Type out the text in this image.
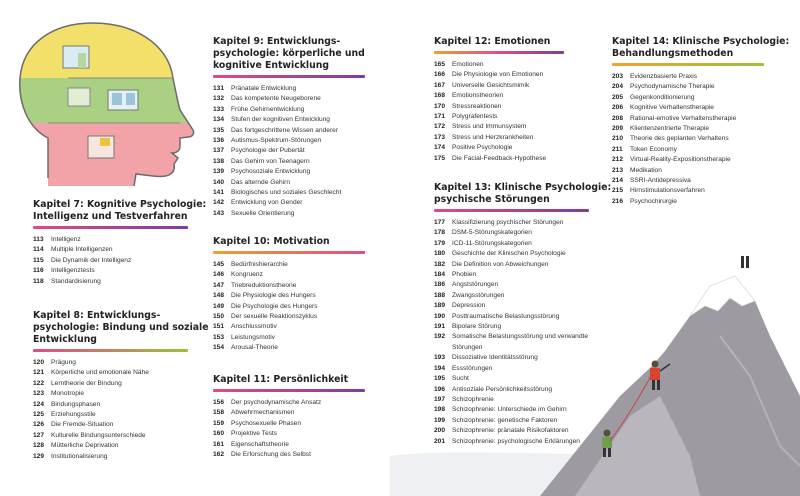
Kapitel 7: Kognitive Psychologie:
Intelligenz und Testverfahren
113	Intelligenz
114	Multiple Intelligenzen
115	Die Dynamik der Intelligenz
116	Intelligenztests
118	Standardisierung
Kapitel 8: Entwicklungs-
psychologie: Bindung und soziale
Entwicklung
120	Prägung
121	Körperliche und emotionale Nähe
122	Lerntheorie der Bindung
123	Monotropie
124	Bindungsphasen
125	Erziehungsstile
126	Die Fremde-Situation
127	Kulturelle Bindungsunterschiede
128	Mütterliche Deprivation
129	Institutionalisierung
Kapitel 9: Entwicklungs-
psychologie: körperliche und
kognitive Entwicklung
131	Pränatale Entwicklung
132	Das kompetente Neugeborene
133	Frühe Gehirnentwicklung
134	Stufen der kognitiven Entwicklung
135	Das fortgeschrittene Wissen anderer
136	Autismus-Spektrum-Störungen
137	Psychologie der Pubertät
138	Das Gehirn von Teenagern
139	Psychosoziale Entwicklung
140	Das alternde Gehirn
141	Biologisches und soziales Geschlecht
142	Entwicklung von Gender
143	Sexuelle Orientierung
Kapitel 10: Motivation
145	Bedürfnishierarchie
146	Kongruenz
147	Triebreduktionstheorie
148	Die Physiologie des Hungers
149	Die Psychologie des Hungers
150	Der sexuelle Reaktionszyklus
151	Anschlussmotiv
153	Leistungsmotiv
154	Arousal-Theorie
Kapitel 11: Persönlichkeit
156	Der psychodynamische Ansatz
158	Abwehrmechanismen
159	Psychosexuelle Phasen
160	Projektive Tests
161	Eigenschaftstheorie
162	Die Erforschung des Selbst
Kapitel 12: Emotionen
165	Emotionen
166	Die Physiologie von Emotionen
167	Universelle Gesichtsmimik
168	Emotionstheorien
170	Stressreaktionen
171	Polygrafentests
172	Stress und Immunsystem
173	Stress und Herzkrankheiten
174	Positive Psychologie
175	Die Facial-Feedback-Hypothese
Kapitel 13: Klinische Psychologie:
psychische Störungen
177	Klassifizierung psychischer Störungen
178	DSM-5-Störungskategorien
179	ICD-11-Störungskategorien
180	Geschichte der Klinischen Psychologie
182	Die Definition von Abweichungen
184	Phobien
186	Angststörungen
188	Zwangsstörungen
189	Depression
190	Posttraumatische Belastungsstörung
191	Bipolare Störung
192	Somatische Belastungsstörung und verwandte Störungen
193	Dissoziative Identitätsstörung
194	Essstörungen
195	Sucht
196	Antisoziale Persönlichkeitsstörung
197	Schizophrenie
198	Schizophrenie: Unterschiede im Gehirn
199	Schizophrenie: genetische Faktoren
200	Schizophrenie: pränatale Risikofaktoren
201	Schizophrenie: psychologische Erklärungen
Kapitel 14: Klinische Psychologie:
Behandlungsmethoden
203	Evidenzbasierte Praxis
204	Psychodynamische Therapie
205	Gegenkonditionierung
206	Kognitive Verhaltenstherapie
208	Rational-emotive Verhaltenstherapie
209	Klientenzentrierte Therapie
210	Theorie des geplanten Verhaltens
211	Token Economy
212	Virtual-Reality-Expositionstherapie
213	Medikation
214	SSRI-Antidepressiva
215	Hirnstimulationsverfahren
216	Psychochirurgie
